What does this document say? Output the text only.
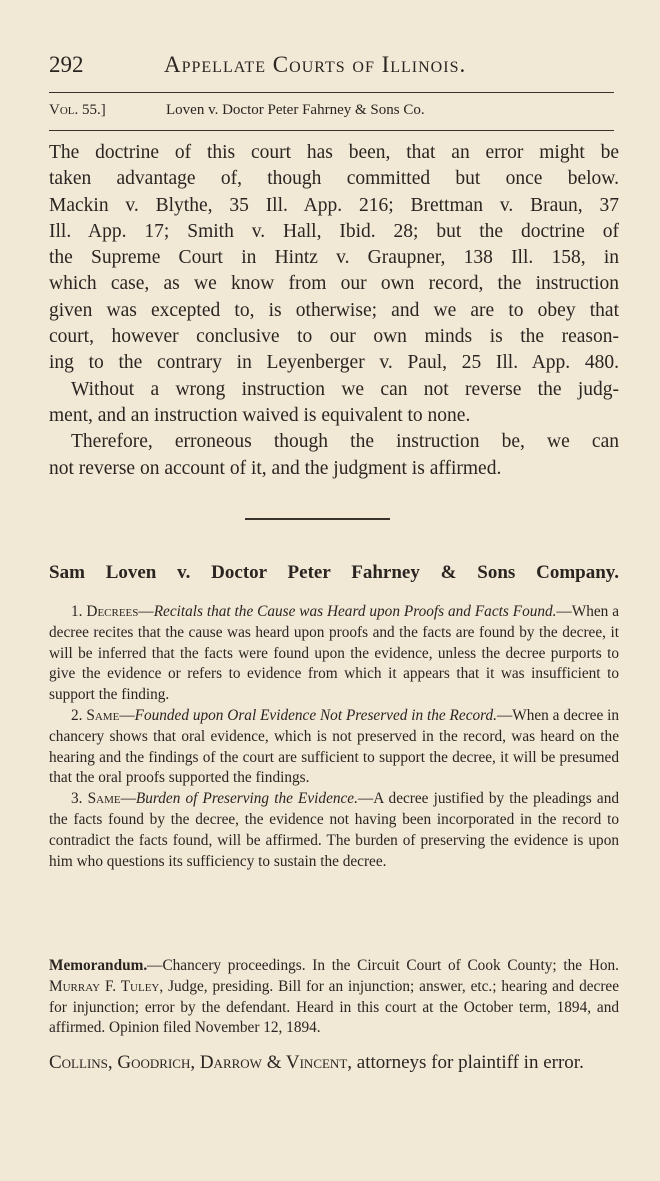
292	Appellate Courts of Illinois.
Vol. 55.]	Loven v. Doctor Peter Fahrney & Sons Co.
The doctrine of this court has been, that an error might be
taken advantage of, though committed but once below.
Mackin v. Blythe, 35 Ill. App. 216; Brettman v. Braun, 37
Ill. App. 17; Smith v. Hall, Ibid. 28; but the doctrine of
the Supreme Court in Hintz v. Graupner, 138 Ill. 158, in
which case, as we know from our own record, the instruction
given was excepted to, is otherwise; and we are to obey that
court, however conclusive to our own minds is the reason-
ing to the contrary in Leyenberger v. Paul, 25 Ill. App. 480.
Without a wrong instruction we can not reverse the judg-
ment, and an instruction waived is equivalent to none.
Therefore, erroneous though the instruction be, we can
not reverse on account of it, and the judgment is affirmed.
Sam Loven v. Doctor Peter Fahrney & Sons Company.

1. Decrees—Recitals that the Cause was Heard upon Proofs and Facts Found.—When a decree recites that the cause was heard upon proofs and the facts are found by the decree, it will be inferred that the facts were found upon the evidence, unless the decree purports to give the evidence or refers to evidence from which it appears that it was insufficient to support the finding.

2. Same—Founded upon Oral Evidence Not Preserved in the Record.—When a decree in chancery shows that oral evidence, which is not preserved in the record, was heard on the hearing and the findings of the court are sufficient to support the decree, it will be presumed that the oral proofs supported the findings.

3. Same—Burden of Preserving the Evidence.—A decree justified by the pleadings and the facts found by the decree, the evidence not having been incorporated in the record to contradict the facts found, will be affirmed. The burden of preserving the evidence is upon him who questions its sufficiency to sustain the decree.

Memorandum.—Chancery proceedings. In the Circuit Court of Cook County; the Hon. Murray F. Tuley, Judge, presiding. Bill for an injunction; answer, etc.; hearing and decree for injunction; error by the defendant. Heard in this court at the October term, 1894, and affirmed. Opinion filed November 12, 1894.

Collins, Goodrich, Darrow & Vincent, attorneys for plaintiff in error.
